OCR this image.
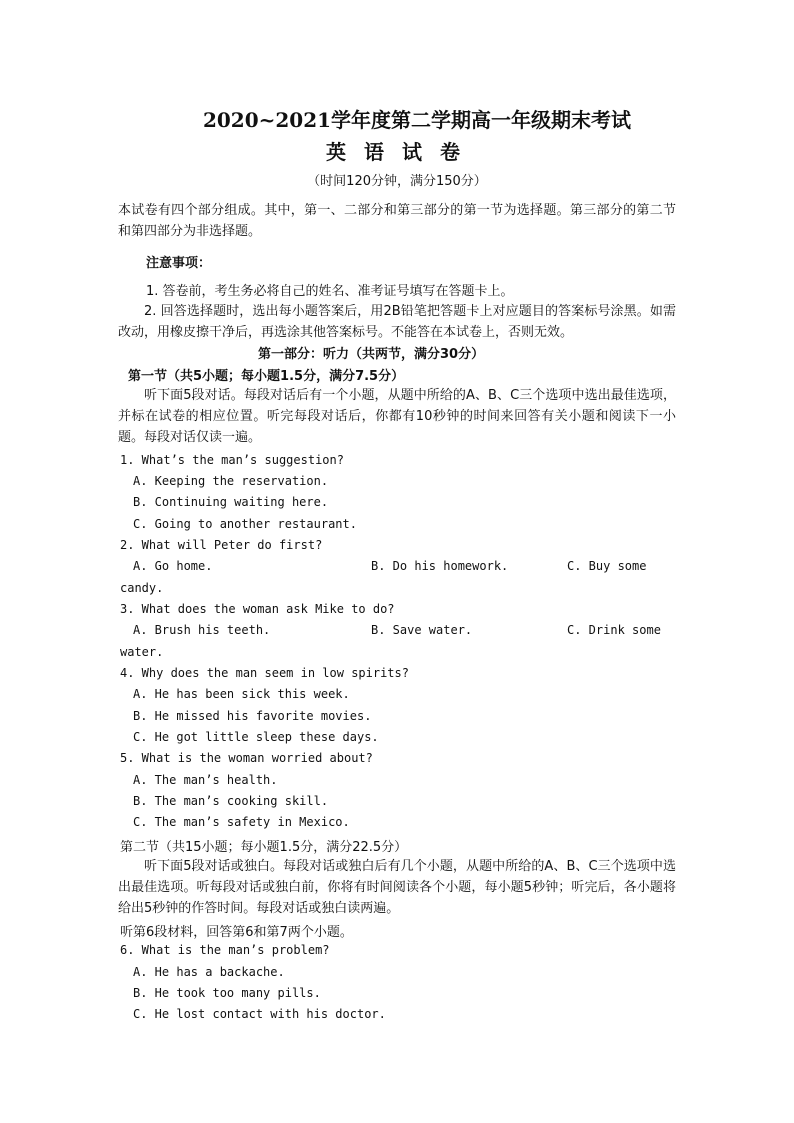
2020~2021学年度第二学期高一年级期末考试
英语试卷
（时间120分钟，满分150分）
本试卷有四个部分组成。其中，第一、二部分和第三部分的第一节为选择题。第三部分的第二节和第四部分为非选择题。
注意事项：
1. 答卷前，考生务必将自己的姓名、准考证号填写在答题卡上。
2. 回答选择题时，选出每小题答案后，用2B铅笔把答题卡上对应题目的答案标号涂黑。如需改动，用橡皮擦干净后，再选涂其他答案标号。不能答在本试卷上，否则无效。
第一部分：听力（共两节，满分30分）
第一节（共5小题；每小题1.5分，满分7.5分）
听下面5段对话。每段对话后有一个小题，从题中所给的A、B、C三个选项中选出最佳选项，并标在试卷的相应位置。听完每段对话后，你都有10秒钟的时间来回答有关小题和阅读下一小题。每段对话仅读一遍。
1. What’s the man’s suggestion?
A. Keeping the reservation.
B. Continuing waiting here.
C. Going to another restaurant.
2. What will Peter do first?
A. Go home.	B. Do his homework.	C. Buy some
candy.
3. What does the woman ask Mike to do?
A. Brush his teeth.	B. Save water.	C. Drink some
water.
4. Why does the man seem in low spirits?
A. He has been sick this week.
B. He missed his favorite movies.
C. He got little sleep these days.
5. What is the woman worried about?
A. The man’s health.
B. The man’s cooking skill.
C. The man’s safety in Mexico.
第二节（共15小题；每小题1.5分，满分22.5分）
听下面5段对话或独白。每段对话或独白后有几个小题，从题中所给的A、B、C三个选项中选出最佳选项。听每段对话或独白前，你将有时间阅读各个小题，每小题5秒钟；听完后，各小题将给出5秒钟的作答时间。每段对话或独白读两遍。
听第6段材料，回答第6和第7两个小题。
6. What is the man’s problem?
A. He has a backache.
B. He took too many pills.
C. He lost contact with his doctor.
